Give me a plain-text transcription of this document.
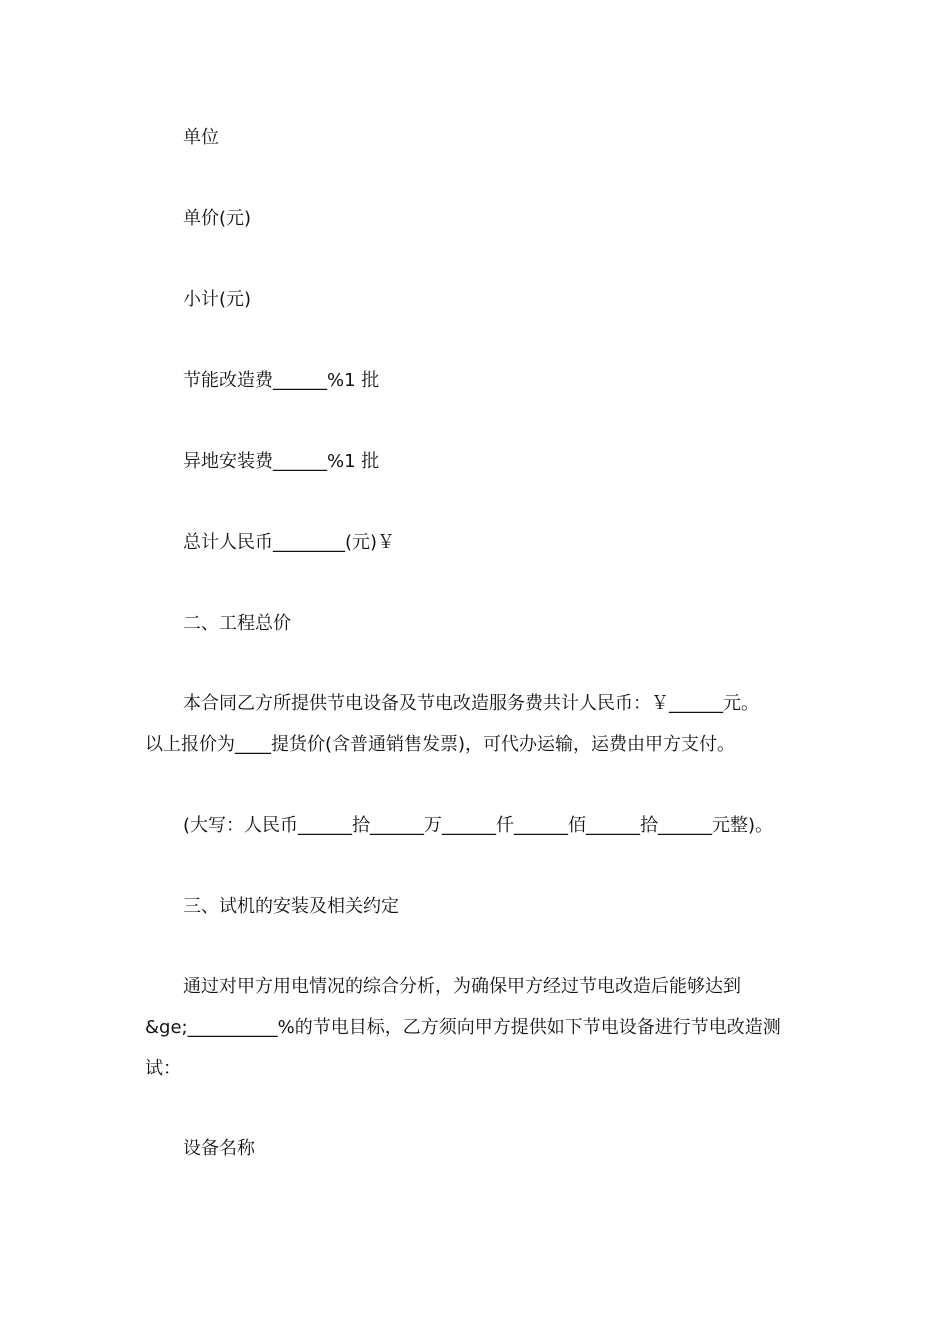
单位

单价(元)

小计(元)

节能改造费______%1 批

异地安装费______%1 批

总计人民币________(元)￥

二、工程总价

本合同乙方所提供节电设备及节电改造服务费共计人民币：￥______元。

以上报价为____提货价(含普通销售发票)，可代办运输，运费由甲方支付。

(大写：人民币______拾______万______仟______佰______拾______元整)。

三、试机的安装及相关约定

通过对甲方用电情况的综合分析，为确保甲方经过节电改造后能够达到

&ge;__________%的节电目标，乙方须向甲方提供如下节电设备进行节电改造测

试：

设备名称
